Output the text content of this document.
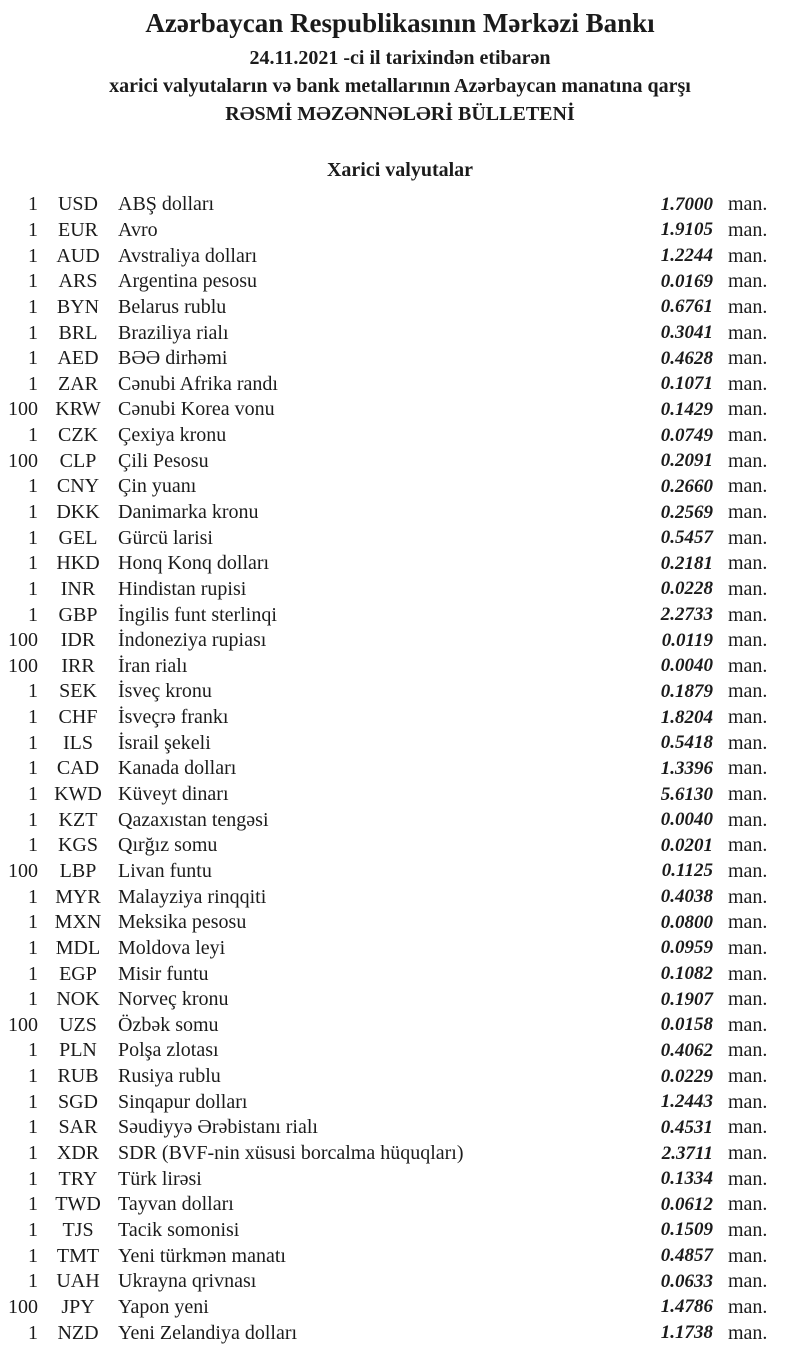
Azərbaycan Respublikasının Mərkəzi Bankı
24.11.2021 -ci il tarixindən etibarən
xarici valyutaların və bank metallarının Azərbaycan manatına qarşı
RƏSMİ MƏZƏNNƏLƏRİ BÜLLETENİ
Xarici valyutalar
1 USD	ABŞ dolları	1.7000 man.
1	EUR	Avro	1.9105 man.
1 AUD Avstraliya dolları	1.2244 man.
1	ARS	Argentina pesosu	0.0169 man.
1 BYN Belarus rublu	0.6761 man.
1	BRL	Braziliya rialı	0.3041 man.
1 AED BƏƏ dirhəmi	0.4628 man.
1	ZAR	Cənubi Afrika randı	0.1071 man.
100 KRW Cənubi Korea vonu	0.1429 man.
1	CZK	Çexiya kronu	0.0749 man.
100	CLP	Çili Pesosu	0.2091 man.
1 CNY Çin yuanı	0.2660 man.
1 DKK Danimarka kronu	0.2569 man.
1	GEL	Gürcü larisi	0.5457 man.
1 HKD Honq Konq dolları	0.2181 man.
1	INR	Hindistan rupisi	0.0228 man.
1	GBP	İngilis funt sterlinqi	2.2733 man.
100	IDR	İndoneziya rupiası	0.0119 man.
100	IRR	İran rialı	0.0040 man.
1	SEK	İsveç kronu	0.1879 man.
1	CHF	İsveçrə frankı	1.8204 man.
1	ILS	İsrail şekeli	0.5418 man.
1 CAD Kanada dolları	1.3396 man.
1 KWD Küveyt dinarı	5.6130 man.
1	KZT	Qazaxıstan tengəsi	0.0040 man.
1 KGS	Qırğız somu	0.0201 man.
100	LBP	Livan funtu	0.1125 man.
1 MYR Malayziya rinqqiti	0.4038 man.
1 MXN Meksika pesosu	0.0800 man.
1 MDL Moldova leyi	0.0959 man.
1	EGP	Misir funtu	0.1082 man.
1 NOK Norveç kronu	0.1907 man.
100	UZS	Özbək somu	0.0158 man.
1	PLN	Polşa zlotası	0.4062 man.
1 RUB Rusiya rublu	0.0229 man.
1 SGD	Sinqapur dolları	1.2443 man.
1	SAR	Səudiyyə Ərəbistanı rialı	0.4531 man.
1 XDR SDR (BVF-nin xüsusi borcalma hüquqları)	2.3711 man.
1	TRY	Türk lirəsi	0.1334 man.
1 TWD Tayvan dolları	0.0612 man.
1	TJS	Tacik somonisi	0.1509 man.
1 TMT Yeni türkmən manatı	0.4857 man.
1 UAH Ukrayna qrivnası	0.0633 man.
100	JPY	Yapon yeni	1.4786 man.
1 NZD Yeni Zelandiya dolları	1.1738 man.
